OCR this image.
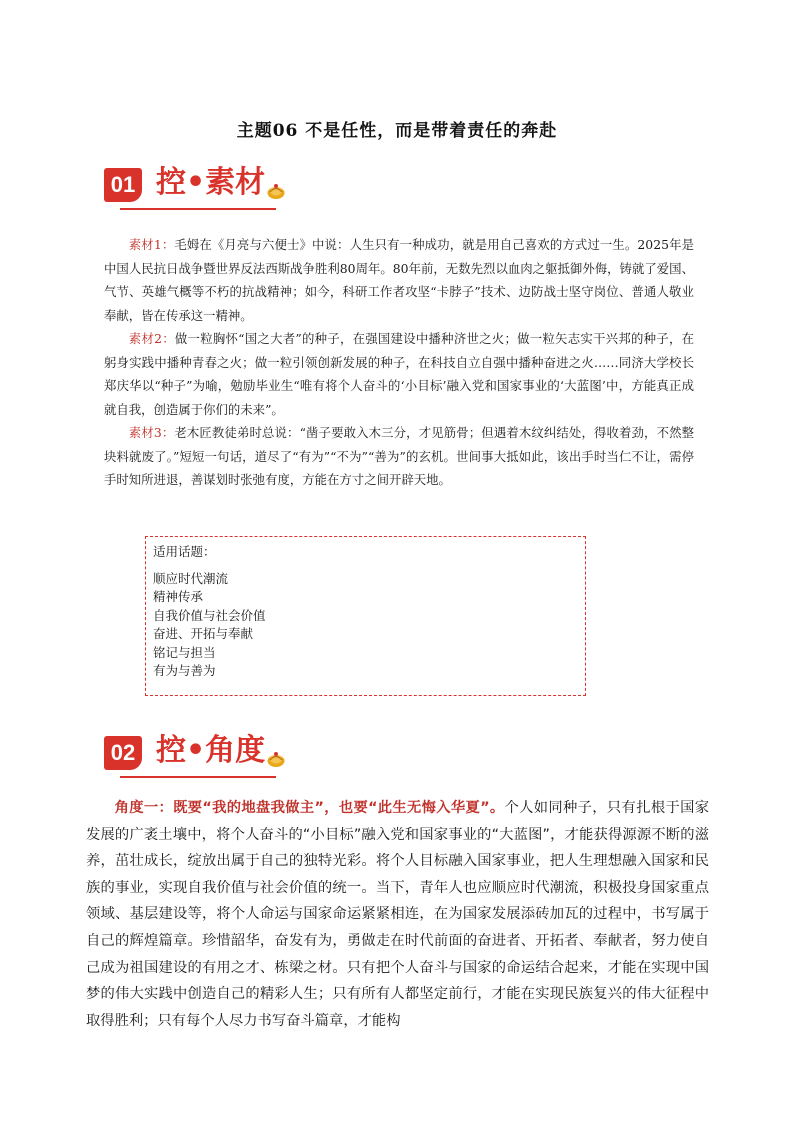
主题06 不是任性，而是带着责任的奔赴
01 控•素材

素材1：毛姆在《月亮与六便士》中说：人生只有一种成功，就是用自己喜欢的方式过一生。2025年是中国人民抗日战争暨世界反法西斯战争胜利80周年。80年前，无数先烈以血肉之躯抵御外侮，铸就了爱国、气节、英雄气概等不朽的抗战精神；如今，科研工作者攻坚“卡脖子”技术、边防战士坚守岗位、普通人敬业奉献，皆在传承这一精神。

素材2：做一粒胸怀“国之大者”的种子，在强国建设中播种济世之火；做一粒矢志实干兴邦的种子，在躬身实践中播种青春之火；做一粒引领创新发展的种子，在科技自立自强中播种奋进之火……同济大学校长郑庆华以“种子”为喻，勉励毕业生“唯有将个人奋斗的‘小目标’融入党和国家事业的‘大蓝图’中，方能真正成就自我，创造属于你们的未来”。

素材3：老木匠教徒弟时总说：“凿子要敢入木三分，才见筋骨；但遇着木纹纠结处，得收着劲，不然整块料就废了。”短短一句话，道尽了“有为”“不为”“善为”的玄机。世间事大抵如此，该出手时当仁不让，需停手时知所进退，善谋划时张弛有度，方能在方寸之间开辟天地。

适用话题：
顺应时代潮流
精神传承
自我价值与社会价值
奋进、开拓与奉献
铭记与担当
有为与善为
02 控•角度

角度一：既要“我的地盘我做主”，也要“此生无悔入华夏”。个人如同种子，只有扎根于国家发展的广袤土壤中，将个人奋斗的“小目标”融入党和国家事业的“大蓝图”，才能获得源源不断的滋养，茁壮成长，绽放出属于自己的独特光彩。将个人目标融入国家事业，把人生理想融入国家和民族的事业，实现自我价值与社会价值的统一。当下，青年人也应顺应时代潮流，积极投身国家重点领域、基层建设等，将个人命运与国家命运紧紧相连，在为国家发展添砖加瓦的过程中，书写属于自己的辉煌篇章。珍惜韶华，奋发有为，勇做走在时代前面的奋进者、开拓者、奉献者，努力使自己成为祖国建设的有用之才、栋梁之材。只有把个人奋斗与国家的命运结合起来，才能在实现中国梦的伟大实践中创造自己的精彩人生；只有所有人都坚定前行，才能在实现民族复兴的伟大征程中取得胜利；只有每个人尽力书写奋斗篇章，才能构
